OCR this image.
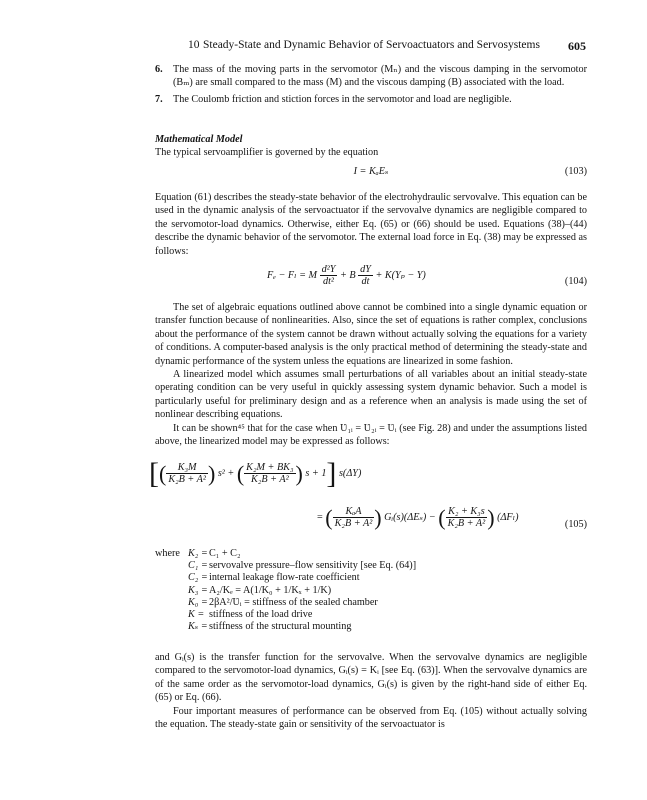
10 Steady-State and Dynamic Behavior of Servoactuators and Servosystems 605
6. The mass of the moving parts in the servomotor (Mₙ) and the viscous damping in the servomotor (Bₘ) are small compared to the mass (M) and the viscous damping (B) associated with the load.
7. The Coulomb friction and stiction forces in the servomotor and load are negligible.
Mathematical Model

The typical servoamplifier is governed by the equation

I = KₐEₛ	(103)

Equation (61) describes the steady-state behavior of the electrohydraulic servovalve. This equation can be used in the dynamic analysis of the servoactuator if the servovalve dynamics are negligible compared to the servomotor-load dynamics. Otherwise, either Eq. (65) or (66) should be used. Equations (38)–(44) describe the dynamic behavior of the servomotor. The external load force in Eq. (38) may be expressed as follows:

Fₑ − Fₗ = M $\frac{\text{d²Y}}{\text{dt²}} + B \frac{dY}{dt} + K(Y_p - Y)$
(104)

The set of algebraic equations outlined above cannot be combined into a single dynamic equation or transfer function because of nonlinearities. Also, since the set of equations is rather complex, conclusions about the performance of the system cannot be drawn without actually solving the equations for a variety of conditions. A computer-based analysis is the only practical method of determining the steady-state and dynamic performance of the system unless the equations are linearized in some fashion.

A linearized model which assumes small perturbations of all variables about an initial steady-state operating condition can be very useful in quickly assessing system dynamic behavior. Such a model is particularly useful for preliminary design and as a reference when an analysis is made using the set of nonlinear describing equations.

It can be shown⁴⁵ that for the case when Ʋ₁ᵢ = Ʋ₂ᵢ = Ʋᵢ (see Fig. 28) and under the assumptions listed above, the linearized model may be expressed as follows:

[( $\frac{\text{K₃M}}{\text{K₂B + A²}}$ ) s² + ( $\frac{\text{K₂M + BK₃}}{\text{K₂B + A²}}$ ) s + 1] s(ΔY)
= ( $\frac{\text{KₐA}}{\text{K₂B + A²}}$ ) Gᵢ(s)(ΔEₛ) − ( $\frac{\text{K₂ + K₃s}}{\text{K₂B + A²}}$ ) (ΔFₗ)
(105)
where K₂ = C₁ + C₂
C₁ = servovalve pressure–flow sensitivity [see Eq. (64)]
C₂ = internal leakage flow-rate coefficient
K₃ = A₂/Kₑ = A(1/K₀ + 1/Kₓ + 1/K)
K₀ = 2βA²/Ʋᵢ = stiffness of the sealed chamber
K = stiffness of the load drive
Kₛ = stiffness of the structural mounting

and Gᵢ(s) is the transfer function for the servovalve. When the servovalve dynamics are negligible compared to the servomotor-load dynamics, Gᵢ(s) = Kᵢ [see Eq. (63)]. When the servovalve dynamics are of the same order as the servomotor-load dynamics, Gᵢ(s) is given by the right-hand side of either Eq. (65) or Eq. (66).

Four important measures of performance can be observed from Eq. (105) without actually solving the equation. The steady-state gain or sensitivity of the servoactuator is
